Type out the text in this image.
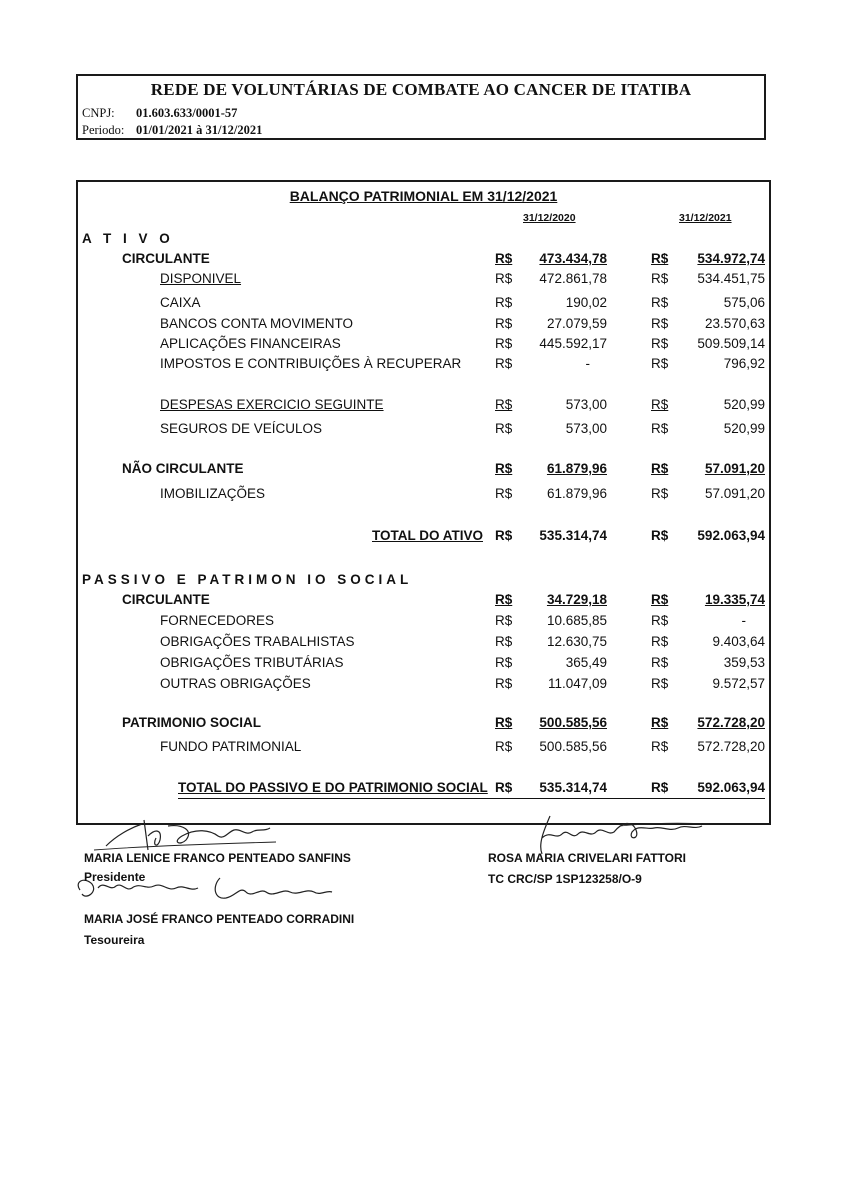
REDE DE VOLUNTÁRIAS DE COMBATE AO CANCER DE ITATIBA
CNPJ: 01.603.633/0001-57
Periodo: 01/01/2021 à 31/12/2021
BALANÇO PATRIMONIAL EM 31/12/2021
31/12/2020	31/12/2021
A T I V O
CIRCULANTE	R$	473.434,78	R$	534.972,74
DISPONIVEL	R$	472.861,78	R$	534.451,75
CAIXA	R$	190,02	R$	575,06
BANCOS CONTA MOVIMENTO	R$	27.079,59	R$	23.570,63
APLICAÇÕES FINANCEIRAS	R$	445.592,17	R$	509.509,14
IMPOSTOS E CONTRIBUIÇÕES À RECUPERAR R$	-	R$	796,92
DESPESAS EXERCICIO SEGUINTE	R$	573,00	R$	520,99
SEGUROS DE VEÍCULOS	R$	573,00	R$	520,99
NÃO CIRCULANTE	R$	61.879,96	R$	57.091,20
IMOBILIZAÇÕES	R$	61.879,96	R$	57.091,20
TOTAL DO ATIVO R$	535.314,74	R$	592.063,94
PASSIVO E PATRIMON IO SOCIAL
CIRCULANTE	R$	34.729,18	R$	19.335,74
FORNECEDORES	R$	10.685,85	R$	-
OBRIGAÇÕES TRABALHISTAS	R$	12.630,75	R$	9.403,64
OBRIGAÇÕES TRIBUTÁRIAS	R$	365,49	R$	359,53
OUTRAS OBRIGAÇÕES	R$	11.047,09	R$	9.572,57
PATRIMONIO SOCIAL	R$	500.585,56	R$	572.728,20
FUNDO PATRIMONIAL	R$	500.585,56	R$	572.728,20
TOTAL DO PASSIVO E DO PATRIMONIO SOCIAL R$	535.314,74	R$	592.063,94
MARIA LENICE FRANCO PENTEADO SANFINS
Presidente
MARIA JOSÉ FRANCO PENTEADO CORRADINI
Tesoureira
ROSA MARIA CRIVELARI FATTORI
TC CRC/SP 1SP123258/O-9
